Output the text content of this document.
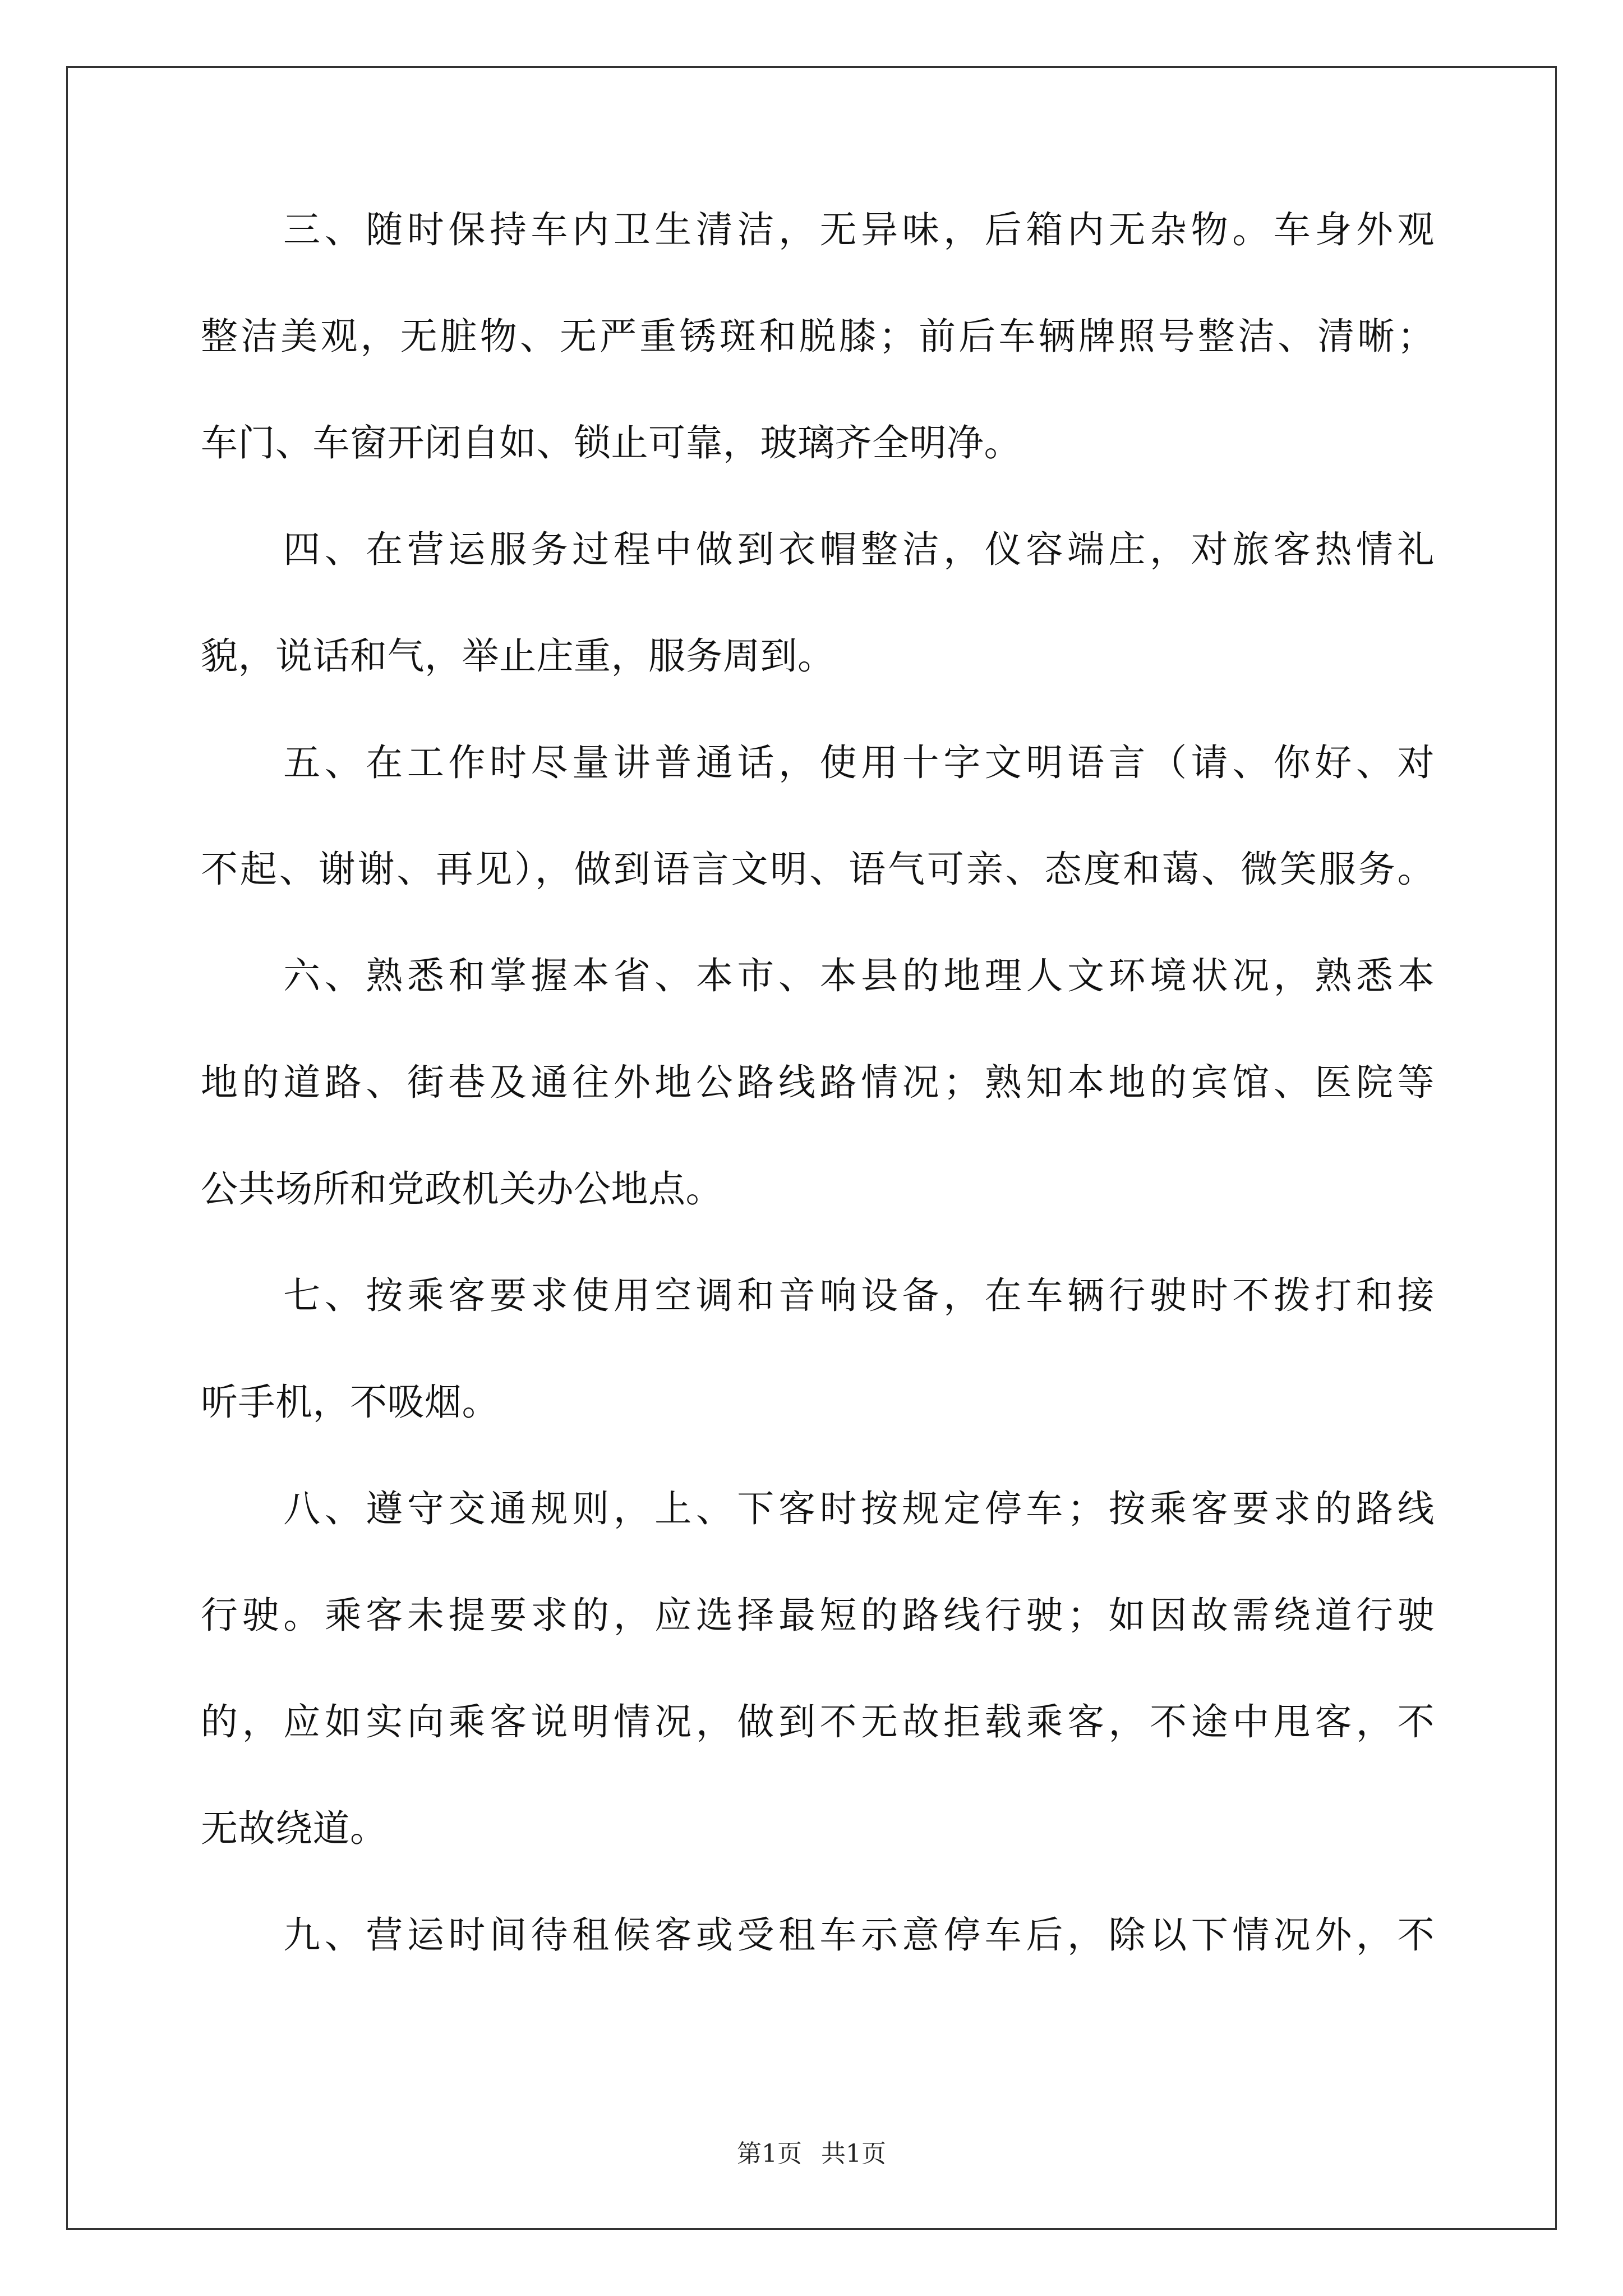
　　三、随时保持车内卫生清洁，无异味，后箱内无杂物。车身外观
整洁美观，无脏物、无严重锈斑和脱膝；前后车辆牌照号整洁、清晰；
车门、车窗开闭自如、锁止可靠，玻璃齐全明净。
　　四、在营运服务过程中做到衣帽整洁，仪容端庄，对旅客热情礼
貌，说话和气，举止庄重，服务周到。
　　五、在工作时尽量讲普通话，使用十字文明语言（请、你好、对
不起、谢谢、再见），做到语言文明、语气可亲、态度和蔼、微笑服务。
　　六、熟悉和掌握本省、本市、本县的地理人文环境状况，熟悉本
地的道路、街巷及通往外地公路线路情况；熟知本地的宾馆、医院等
公共场所和党政机关办公地点。
　　七、按乘客要求使用空调和音响设备，在车辆行驶时不拨打和接
听手机，不吸烟。
　　八、遵守交通规则，上、下客时按规定停车；按乘客要求的路线
行驶。乘客未提要求的，应选择最短的路线行驶；如因故需绕道行驶
的，应如实向乘客说明情况，做到不无故拒载乘客，不途中甩客，不
无故绕道。
　　九、营运时间待租候客或受租车示意停车后，除以下情况外，不
第1页 共1页
